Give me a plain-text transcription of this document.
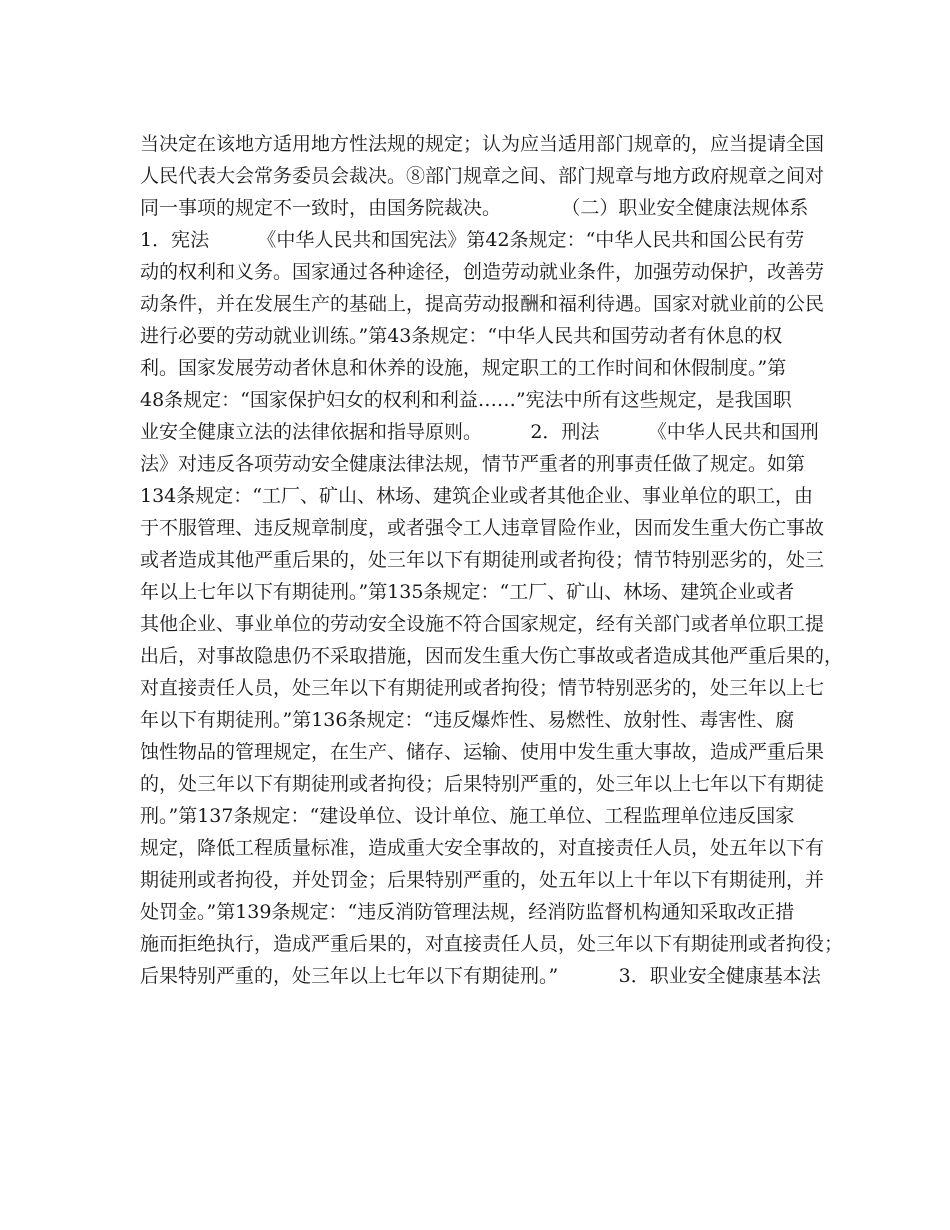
当决定在该地方适用地方性法规的规定；认为应当适用部门规章的，应当提请全国
人民代表大会常务委员会裁决。⑧部门规章之间、部门规章与地方政府规章之间对
同一事项的规定不一致时，由国务院裁决。          （二）职业安全健康法规体系
1．宪法        《中华人民共和国宪法》第42条规定：“中华人民共和国公民有劳
动的权利和义务。国家通过各种途径，创造劳动就业条件，加强劳动保护，改善劳
动条件，并在发展生产的基础上，提高劳动报酬和福利待遇。国家对就业前的公民
进行必要的劳动就业训练。”第43条规定：“中华人民共和国劳动者有休息的权
利。国家发展劳动者休息和休养的设施，规定职工的工作时间和休假制度。”第
48条规定：“国家保护妇女的权利和利益……”宪法中所有这些规定，是我国职
业安全健康立法的法律依据和指导原则。        2．刑法        《中华人民共和国刑
法》对违反各项劳动安全健康法律法规，情节严重者的刑事责任做了规定。如第
134条规定：“工厂、矿山、林场、建筑企业或者其他企业、事业单位的职工，由
于不服管理、违反规章制度，或者强令工人违章冒险作业，因而发生重大伤亡事故
或者造成其他严重后果的，处三年以下有期徒刑或者拘役；情节特别恶劣的，处三
年以上七年以下有期徒刑。”第135条规定：“工厂、矿山、林场、建筑企业或者
其他企业、事业单位的劳动安全设施不符合国家规定，经有关部门或者单位职工提
出后，对事故隐患仍不采取措施，因而发生重大伤亡事故或者造成其他严重后果的，
对直接责任人员，处三年以下有期徒刑或者拘役；情节特别恶劣的，处三年以上七
年以下有期徒刑。”第136条规定：“违反爆炸性、易燃性、放射性、毒害性、腐
蚀性物品的管理规定，在生产、储存、运输、使用中发生重大事故，造成严重后果
的，处三年以下有期徒刑或者拘役；后果特别严重的，处三年以上七年以下有期徒
刑。”第137条规定：“建设单位、设计单位、施工单位、工程监理单位违反国家
规定，降低工程质量标准，造成重大安全事故的，对直接责任人员，处五年以下有
期徒刑或者拘役，并处罚金；后果特别严重的，处五年以上十年以下有期徒刑，并
处罚金。”第139条规定：“违反消防管理法规，经消防监督机构通知采取改正措
施而拒绝执行，造成严重后果的，对直接责任人员，处三年以下有期徒刑或者拘役；
后果特别严重的，处三年以上七年以下有期徒刑。”          3．职业安全健康基本法
